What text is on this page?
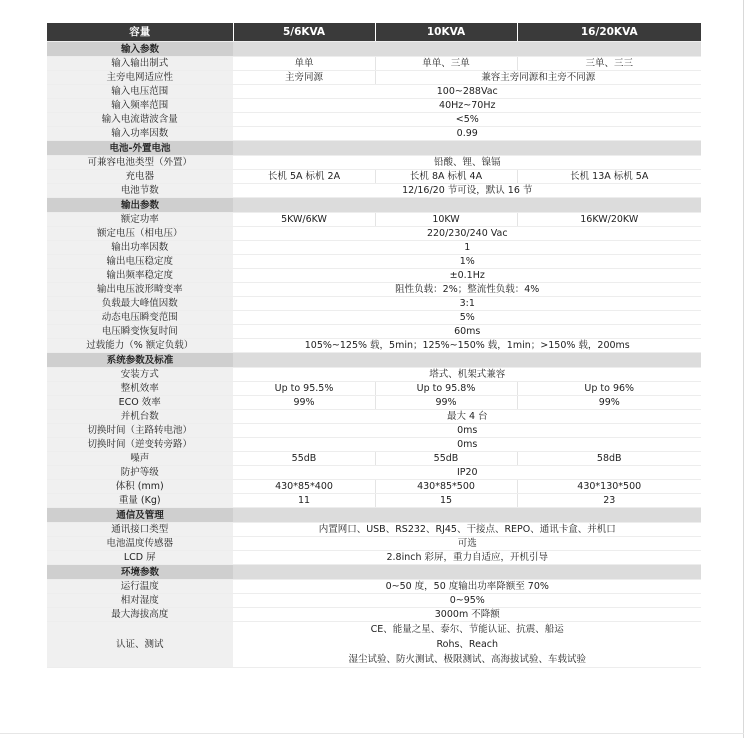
容量	5/6KVA	10KVA	16/20KVA
输入参数			
输入输出制式	单单	单单、三单	三单、三三
主旁电网适应性	主旁同源	兼容主旁同源和主旁不同源	
输入电压范围	100~288Vac		
输入频率范围	40Hz~70Hz		
输入电流谐波含量	<5%		
输入功率因数	0.99		
电池-外置电池			
可兼容电池类型（外置）	铅酸、锂、镍镉		
充电器	长机 5A 标机 2A	长机 8A 标机 4A	长机 13A 标机 5A
电池节数	12/16/20 节可设，默认 16 节		
输出参数			
额定功率	5KW/6KW	10KW	16KW/20KW
额定电压（相电压）	220/230/240 Vac		
输出功率因数	1		
输出电压稳定度	1%		
输出频率稳定度	±0.1Hz		
输出电压波形畸变率	阻性负载：2%；整流性负载：4%		
负载最大峰值因数	3:1		
动态电压瞬变范围	5%		
电压瞬变恢复时间	60ms		
过载能力（% 额定负载）	105%~125% 载，5min；125%~150% 载，1min；>150% 载，200ms		
系统参数及标准			
安装方式	塔式、机架式兼容		
整机效率	Up to 95.5%	Up to 95.8%	Up to 96%
ECO 效率	99%	99%	99%
并机台数	最大 4 台		
切换时间（主路转电池）	0ms		
切换时间（逆变转旁路）	0ms		
噪声	55dB	55dB	58dB
防护等级	IP20		
体积 (mm)	430*85*400	430*85*500	430*130*500
重量 (Kg)	11	15	23
通信及管理			
通讯接口类型	内置网口、USB、RS232、RJ45、干接点、REPO、通讯卡盒、并机口		
电池温度传感器	可选		
LCD 屏	2.8inch 彩屏，重力自适应，开机引导		
环境参数			
运行温度	0~50 度，50 度输出功率降额至 70%		
相对湿度	0~95%		
最大海拔高度	3000m 不降额		
认证、测试	CE、能量之星、泰尔、节能认证、抗震、船运
Rohs、Reach
湿尘试验、防火测试、极限测试、高海拔试验、车载试验		
